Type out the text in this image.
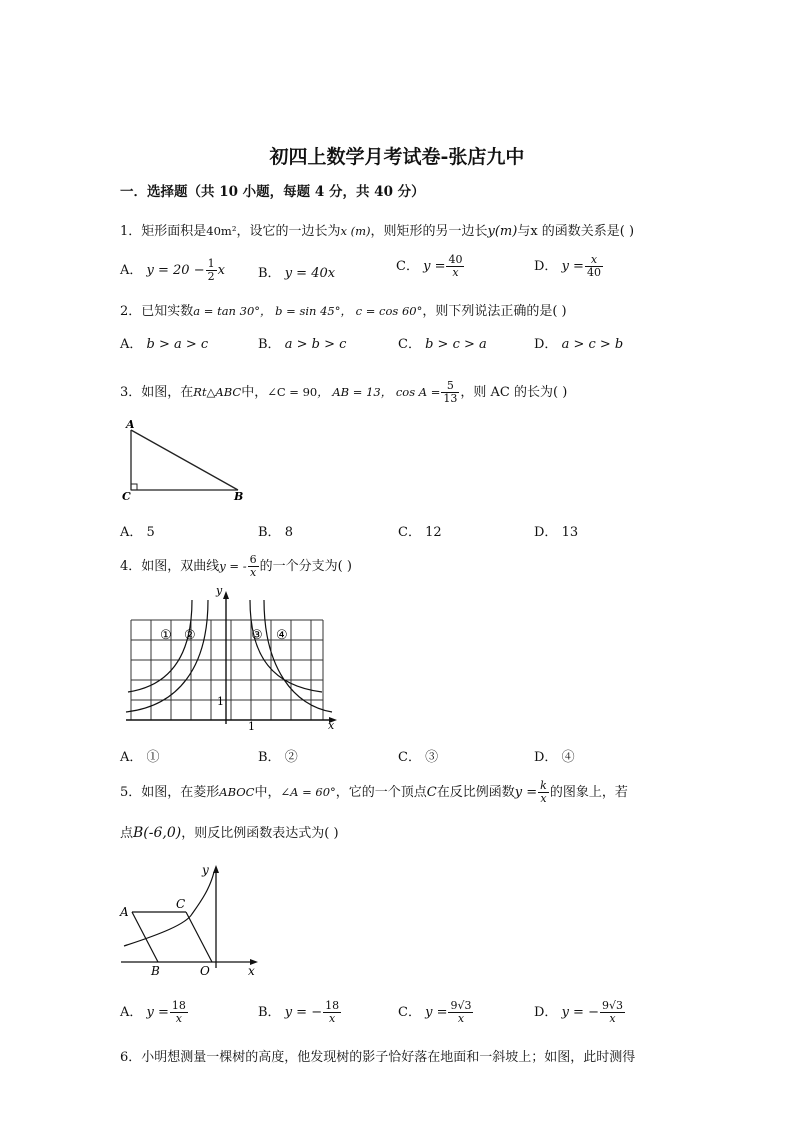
初四上数学月考试卷-张店九中
一．选择题（共 10 小题，每题 4 分，共 40 分）
1．矩形面积是40m²，设它的一边长为x (m)，则矩形的另一边长y(m)与x 的函数关系是( )
A． $y = 20 - \frac{1}{2}$ x	B． y = 40x	C． $y = \frac{40}{x}$	D． $y = \frac{x}{40}$
2．已知实数a = tan 30°， b = sin 45°， c = cos 60°，则下列说法正确的是( )
A． b > a > c	B． a > b > c	C． b > c > a	D． a > c > b
3．如图，在Rt△ABC中，∠C = 90， AB = 13， $\cos A = \frac{5}{13}$ ，则 AC 的长为( )
A
C	B
A． 5	B． 8	C． 12	D． 13
4．如图，双曲线y = - $\frac{6}{x}$ 的一个分支为( )
y
x
1
1
① ②	③ ④
A． ①	B． ②	C． ③	D． ④
5．如图，在菱形ABOC中，∠A = 60°，它的一个顶点C在反比例函数$y = \frac{k}{x}$ 的图象上，若
点B(-6,0)，则反比例函数表达式为( )
A
C
B	O	x
y
A． $y = \frac{18}{x}$	B． y = − $\frac{18}{x}$	C． $y = \frac{9√3}{x}$	D． y = − $\frac{9√3}{x}$
6．小明想测量一棵树的高度，他发现树的影子恰好落在地面和一斜坡上；如图，此时测得
